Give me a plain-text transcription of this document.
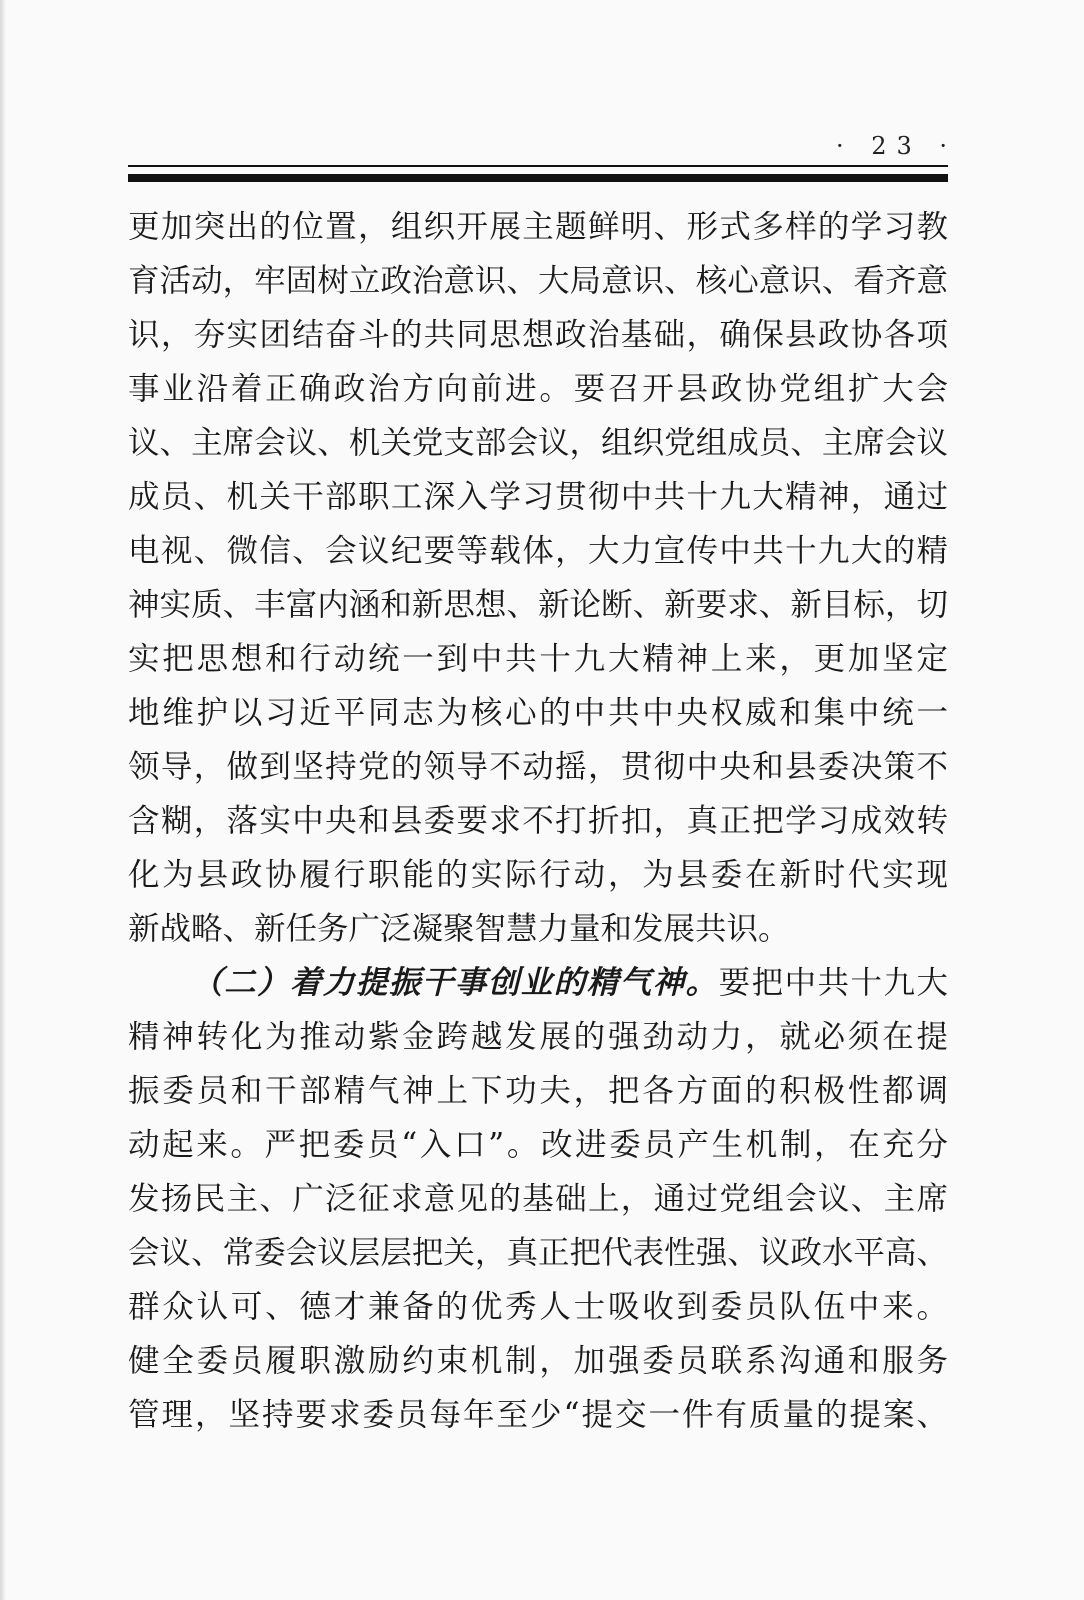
· 23 ·
更加突出的位置，组织开展主题鲜明、形式多样的学习教
育活动，牢固树立政治意识、大局意识、核心意识、看齐意
识，夯实团结奋斗的共同思想政治基础，确保县政协各项
事业沿着正确政治方向前进。要召开县政协党组扩大会
议、主席会议、机关党支部会议，组织党组成员、主席会议
成员、机关干部职工深入学习贯彻中共十九大精神，通过
电视、微信、会议纪要等载体，大力宣传中共十九大的精
神实质、丰富内涵和新思想、新论断、新要求、新目标，切
实把思想和行动统一到中共十九大精神上来，更加坚定
地维护以习近平同志为核心的中共中央权威和集中统一
领导，做到坚持党的领导不动摇，贯彻中央和县委决策不
含糊，落实中央和县委要求不打折扣，真正把学习成效转
化为县政协履行职能的实际行动，为县委在新时代实现
新战略、新任务广泛凝聚智慧力量和发展共识。
（二）着力提振干事创业的精气神。要把中共十九大
精神转化为推动紫金跨越发展的强劲动力，就必须在提
振委员和干部精气神上下功夫，把各方面的积极性都调
动起来。严把委员“入口”。改进委员产生机制，在充分
发扬民主、广泛征求意见的基础上，通过党组会议、主席
会议、常委会议层层把关，真正把代表性强、议政水平高、
群众认可、德才兼备的优秀人士吸收到委员队伍中来。
健全委员履职激励约束机制，加强委员联系沟通和服务
管理，坚持要求委员每年至少“提交一件有质量的提案、
